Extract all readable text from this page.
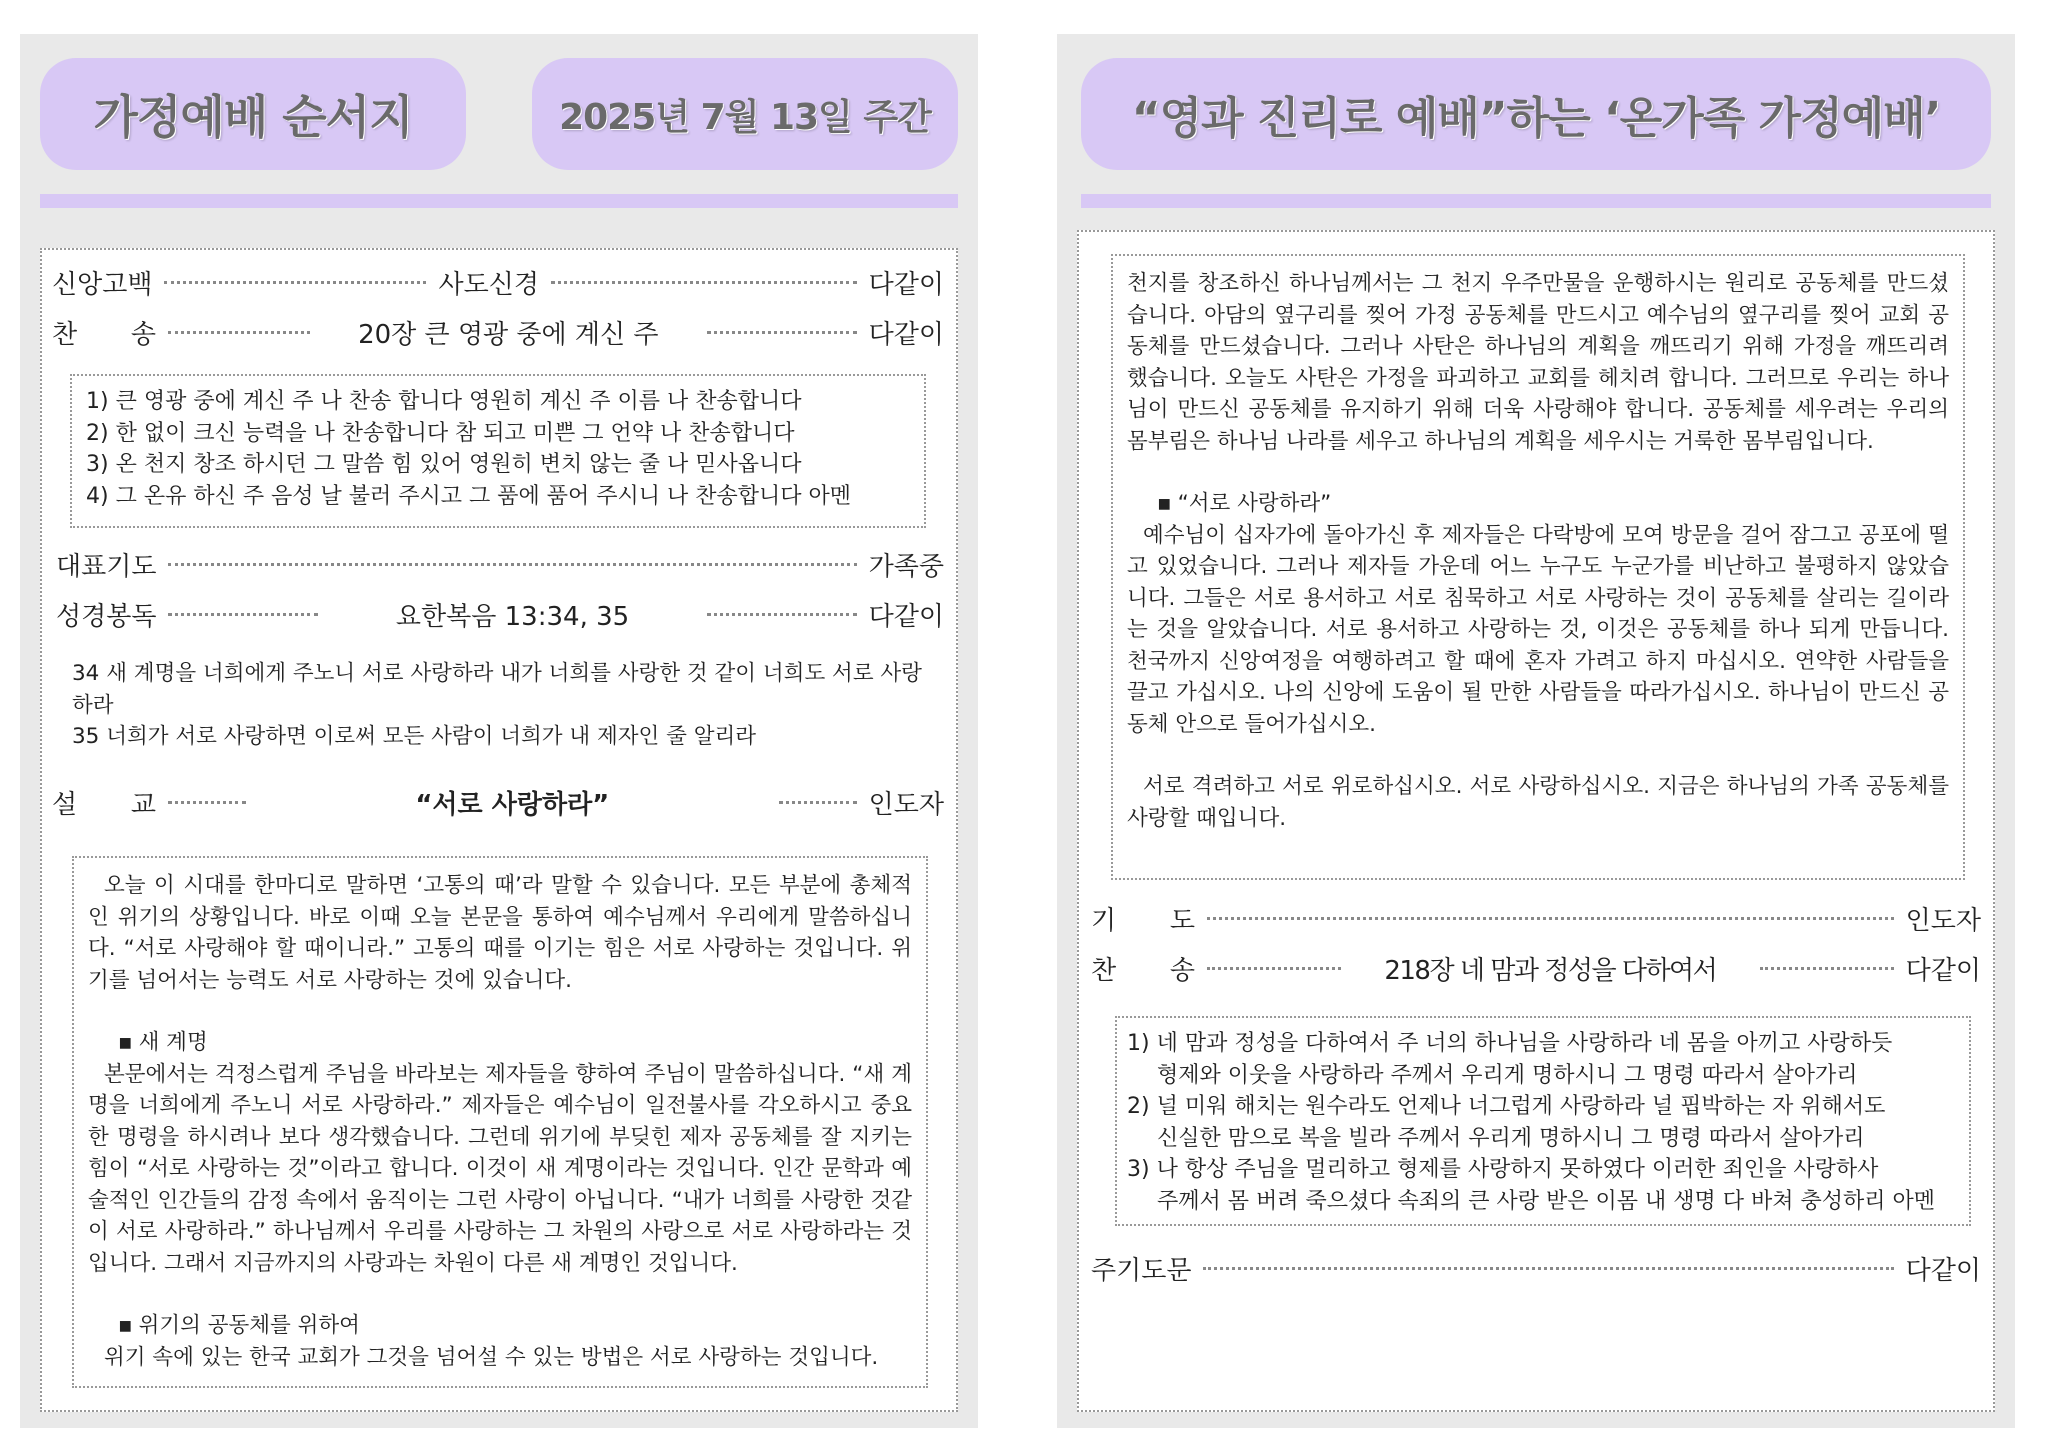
가정예배 순서지	2025년 7월 13일 주간
신앙고백	사도신경	다같이
찬 송	20장 큰 영광 중에 계신 주	다같이
1) 큰 영광 중에 계신 주 나 찬송 합니다 영원히 계신 주 이름 나 찬송합니다
2) 한 없이 크신 능력을 나 찬송합니다 참 되고 미쁜 그 언약 나 찬송합니다
3) 온 천지 창조 하시던 그 말씀 힘 있어 영원히 변치 않는 줄 나 믿사옵니다
4) 그 온유 하신 주 음성 날 불러 주시고 그 품에 품어 주시니 나 찬송합니다 아멘
대표기도	가족중
성경봉독	요한복음 13:34, 35	다같이
34 새 계명을 너희에게 주노니 서로 사랑하라 내가 너희를 사랑한 것 같이 너희도 서로 사랑하라
35 너희가 서로 사랑하면 이로써 모든 사람이 너희가 내 제자인 줄 알리라
설 교	“서로 사랑하라”	인도자

오늘 이 시대를 한마디로 말하면 ‘고통의 때’라 말할 수 있습니다. 모든 부분에 총체적인 위기의 상황입니다. 바로 이때 오늘 본문을 통하여 예수님께서 우리에게 말씀하십니다. “서로 사랑해야 할 때이니라.” 고통의 때를 이기는 힘은 서로 사랑하는 것입니다. 위기를 넘어서는 능력도 서로 사랑하는 것에 있습니다.

▪ 새 계명

본문에서는 걱정스럽게 주님을 바라보는 제자들을 향하여 주님이 말씀하십니다. “새 계명을 너희에게 주노니 서로 사랑하라.” 제자들은 예수님이 일전불사를 각오하시고 중요한 명령을 하시려나 보다 생각했습니다. 그런데 위기에 부딪힌 제자 공동체를 잘 지키는 힘이 “서로 사랑하는 것”이라고 합니다. 이것이 새 계명이라는 것입니다. 인간 문학과 예술적인 인간들의 감정 속에서 움직이는 그런 사랑이 아닙니다. “내가 너희를 사랑한 것같이 서로 사랑하라.” 하나님께서 우리를 사랑하는 그 차원의 사랑으로 서로 사랑하라는 것입니다. 그래서 지금까지의 사랑과는 차원이 다른 새 계명인 것입니다.

▪ 위기의 공동체를 위하여

위기 속에 있는 한국 교회가 그것을 넘어설 수 있는 방법은 서로 사랑하는 것입니다.

“영과 진리로 예배”하는 ‘온가족 가정예배’

천지를 창조하신 하나님께서는 그 천지 우주만물을 운행하시는 원리로 공동체를 만드셨습니다. 아담의 옆구리를 찢어 가정 공동체를 만드시고 예수님의 옆구리를 찢어 교회 공동체를 만드셨습니다. 그러나 사탄은 하나님의 계획을 깨뜨리기 위해 가정을 깨뜨리려 했습니다. 오늘도 사탄은 가정을 파괴하고 교회를 헤치려 합니다. 그러므로 우리는 하나님이 만드신 공동체를 유지하기 위해 더욱 사랑해야 합니다. 공동체를 세우려는 우리의 몸부림은 하나님 나라를 세우고 하나님의 계획을 세우시는 거룩한 몸부림입니다.

▪ “서로 사랑하라”

예수님이 십자가에 돌아가신 후 제자들은 다락방에 모여 방문을 걸어 잠그고 공포에 떨고 있었습니다. 그러나 제자들 가운데 어느 누구도 누군가를 비난하고 불평하지 않았습니다. 그들은 서로 용서하고 서로 침묵하고 서로 사랑하는 것이 공동체를 살리는 길이라는 것을 알았습니다. 서로 용서하고 사랑하는 것, 이것은 공동체를 하나 되게 만듭니다. 천국까지 신앙여정을 여행하려고 할 때에 혼자 가려고 하지 마십시오. 연약한 사람들을 끌고 가십시오. 나의 신앙에 도움이 될 만한 사람들을 따라가십시오. 하나님이 만드신 공동체 안으로 들어가십시오.

서로 격려하고 서로 위로하십시오. 서로 사랑하십시오. 지금은 하나님의 가족 공동체를 사랑할 때입니다.

기 도	인도자
찬 송	218장 네 맘과 정성을 다하여서	다같이
1) 네 맘과 정성을 다하여서 주 너의 하나님을 사랑하라 네 몸을 아끼고 사랑하듯
형제와 이웃을 사랑하라 주께서 우리게 명하시니 그 명령 따라서 살아가리
2) 널 미워 해치는 원수라도 언제나 너그럽게 사랑하라 널 핍박하는 자 위해서도
신실한 맘으로 복을 빌라 주께서 우리게 명하시니 그 명령 따라서 살아가리
3) 나 항상 주님을 멀리하고 형제를 사랑하지 못하였다 이러한 죄인을 사랑하사
주께서 몸 버려 죽으셨다 속죄의 큰 사랑 받은 이몸 내 생명 다 바쳐 충성하리 아멘
주기도문	다같이
